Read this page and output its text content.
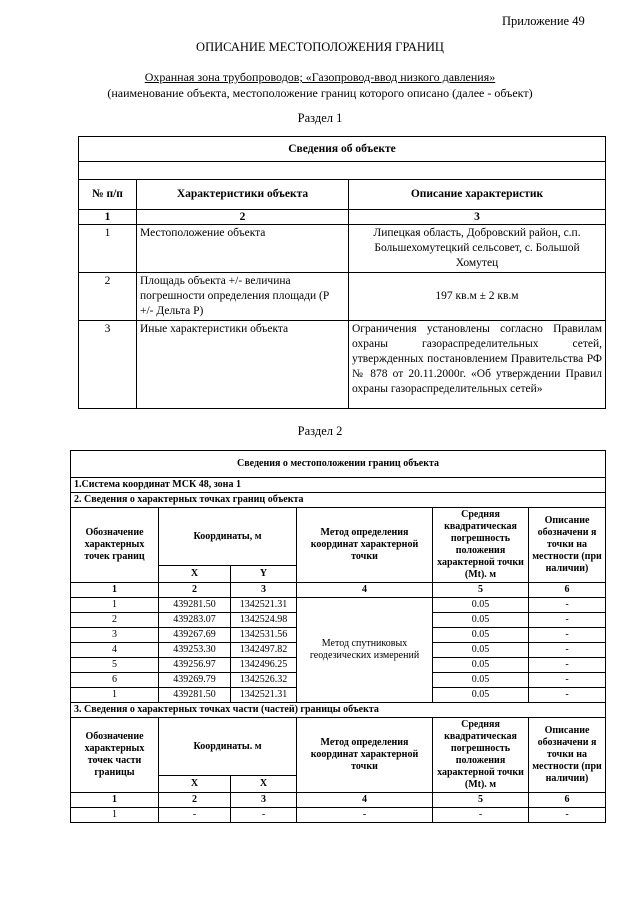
Приложение 49
ОПИСАНИЕ МЕСТОПОЛОЖЕНИЯ ГРАНИЦ
Охранная зона трубопроводов; «Газопровод-ввод низкого давления»
(наименование объекта, местоположение границ которого описано (далее - объект)
Раздел 1
Сведения об объекте		

№ п/п	Характеристики объекта	Описание характеристик
1	2	3
1	Местоположение объекта	Липецкая область, Добровский район, с.п. Большехомутецкий сельсовет, с. Большой Хомутец
2	Площадь объекта +/- величина погрешности определения площади (Р +/- Дельта Р)	197 кв.м ± 2 кв.м
3	Иные характеристики объекта	Ограничения установлены согласно Правилам охраны газораспределительных сетей, утвержденных постановлением Правительства РФ № 878 от 20.11.2000г. «Об утверждении Правил охраны газораспределительных сетей»
Раздел 2
Сведения о местоположении границ объекта					
1.Система координат МСК 48, зона 1					
2. Сведения о характерных точках границ объекта					
Обозначение характерных точек границ	Координаты, м		Метод определения координат характерной точки	Средняя квадратическая погрешность положения характерной точки (Mt). м	Описание обозначени я точки на местности (при наличии)
	X	Y			
1	2	3	4	5	6
1	439281.50	1342521.31	Метод спутниковых геодезических измерений	0.05	-
2	439283.07	1342524.98		0.05	-
3	439267.69	1342531.56		0.05	-
4	439253.30	1342497.82		0.05	-
5	439256.97	1342496.25		0.05	-
6	439269.79	1342526.32		0.05	-
1	439281.50	1342521.31		0.05	-
3. Сведения о характерных точках части (частей) границы объекта					
Обозначение характерных точек части границы	Координаты. м		Метод определения координат характерной точки	Средняя квадратическая погрешность положения характерной точки (Mt). м	Описание обозначени я точки на местности (при наличии)
	X	X			
1	2	3	4	5	6
1	-	-	-	-	-
